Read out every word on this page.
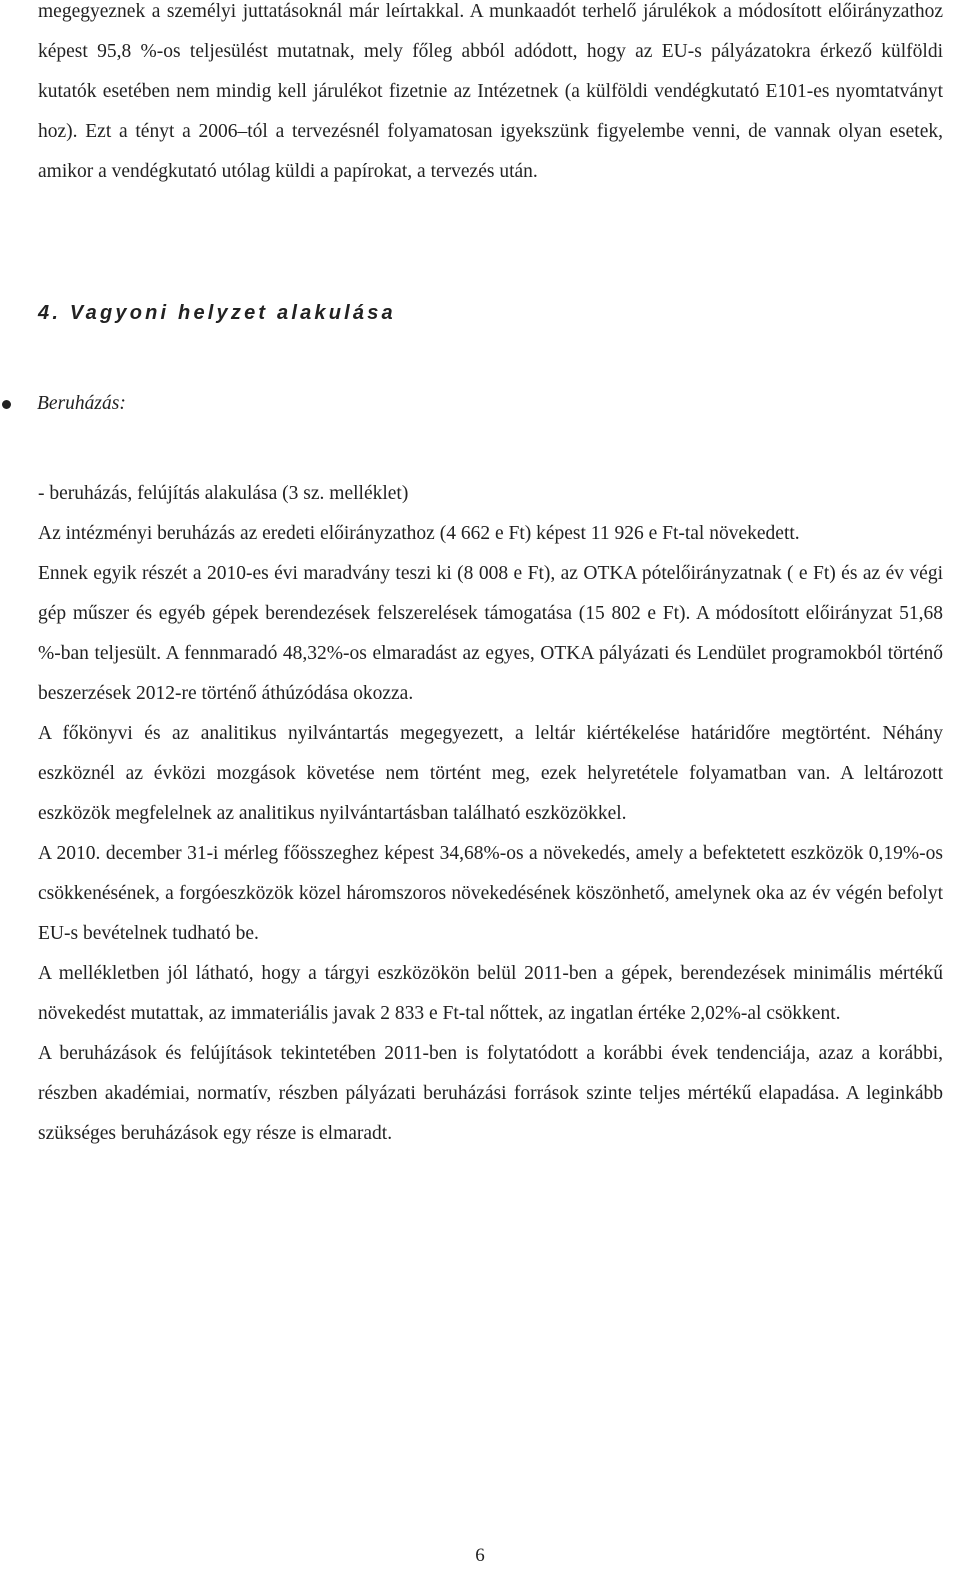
megegyeznek a személyi juttatásoknál már leírtakkal. A munkaadót terhelő járulékok a módosított előirányzathoz képest 95,8 %-os teljesülést mutatnak, mely főleg abból adódott, hogy az EU-s pályázatokra érkező külföldi kutatók esetében nem mindig kell járulékot fizetnie az Intézetnek (a külföldi vendégkutató E101-es nyomtatványt hoz). Ezt a tényt a 2006–tól a tervezésnél folyamatosan igyekszünk figyelembe venni, de vannak olyan esetek, amikor a vendégkutató utólag küldi a papírokat, a tervezés után.

4. Vagyoni helyzet alakulása
Beruházás:

- beruházás, felújítás alakulása (3 sz. melléklet)

Az intézményi beruházás az eredeti előirányzathoz (4 662 e Ft) képest 11 926 e Ft-tal növekedett.

Ennek egyik részét a 2010-es évi maradvány teszi ki (8 008 e Ft), az OTKA pótelőirányzatnak ( e Ft) és az év végi gép műszer és egyéb gépek berendezések felszerelések támogatása (15 802 e Ft). A módosított előirányzat 51,68 %-ban teljesült. A fennmaradó 48,32%-os elmaradást az egyes, OTKA pályázati és Lendület programokból történő beszerzések 2012-re történő áthúzódása okozza.

A főkönyvi és az analitikus nyilvántartás megegyezett, a leltár kiértékelése határidőre megtörtént. Néhány eszköznél az évközi mozgások követése nem történt meg, ezek helyretétele folyamatban van. A leltározott eszközök megfelelnek az analitikus nyilvántartásban található eszközökkel.

A 2010. december 31-i mérleg főösszeghez képest 34,68%-os a növekedés, amely a befektetett eszközök 0,19%-os csökkenésének, a forgóeszközök közel háromszoros növekedésének köszönhető, amelynek oka az év végén befolyt EU-s bevételnek tudható be.

A mellékletben jól látható, hogy a tárgyi eszközökön belül 2011-ben a gépek, berendezések minimális mértékű növekedést mutattak, az immateriális javak 2 833 e Ft-tal nőttek, az ingatlan értéke 2,02%-al csökkent.

A beruházások és felújítások tekintetében 2011-ben is folytatódott a korábbi évek tendenciája, azaz a korábbi, részben akadémiai, normatív, részben pályázati beruházási források szinte teljes mértékű elapadása. A leginkább szükséges beruházások egy része is elmaradt.

6
